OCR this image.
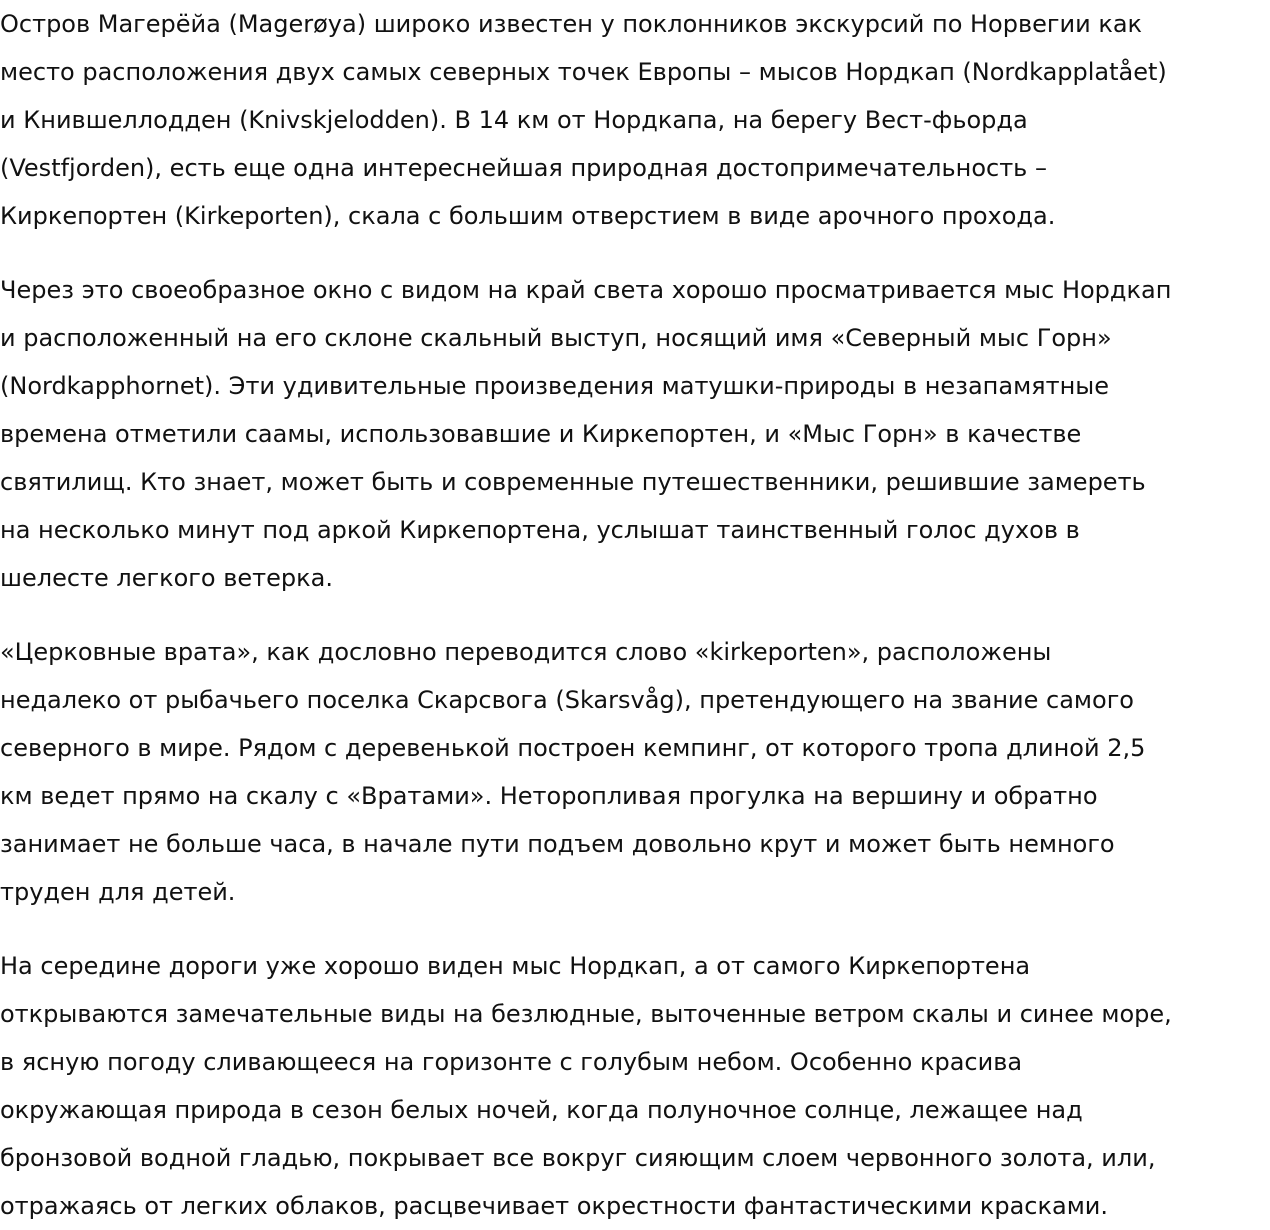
Остров Магерёйа (Magerøya) широко известен у поклонников экскурсий по Норвегии как
место расположения двух самых северных точек Европы – мысов Нордкап (Nordkapplatået)
и Кнившеллодден (Knivskjelodden). В 14 км от Нордкапа, на берегу Вест-фьорда
(Vestfjorden), есть еще одна интереснейшая природная достопримечательность –
Киркепортен (Kirkeporten), скала с большим отверстием в виде арочного прохода.

Через это своеобразное окно с видом на край света хорошо просматривается мыс Нордкап
и расположенный на его склоне скальный выступ, носящий имя «Северный мыс Горн»
(Nordkapphornet). Эти удивительные произведения матушки-природы в незапамятные
времена отметили саамы, использовавшие и Киркепортен, и «Мыс Горн» в качестве
святилищ. Кто знает, может быть и современные путешественники, решившие замереть
на несколько минут под аркой Киркепортена, услышат таинственный голос духов в
шелесте легкого ветерка.

«Церковные врата», как дословно переводится слово «kirkeporten», расположены
недалеко от рыбачьего поселка Скарсвога (Skarsvåg), претендующего на звание самого
северного в мире. Рядом с деревенькой построен кемпинг, от которого тропа длиной 2,5
км ведет прямо на скалу с «Вратами». Неторопливая прогулка на вершину и обратно
занимает не больше часа, в начале пути подъем довольно крут и может быть немного
труден для детей.

На середине дороги уже хорошо виден мыс Нордкап, а от самого Киркепортена
открываются замечательные виды на безлюдные, выточенные ветром скалы и синее море,
в ясную погоду сливающееся на горизонте с голубым небом. Особенно красива
окружающая природа в сезон белых ночей, когда полуночное солнце, лежащее над
бронзовой водной гладью, покрывает все вокруг сияющим слоем червонного золота, или,
отражаясь от легких облаков, расцвечивает окрестности фантастическими красками.
